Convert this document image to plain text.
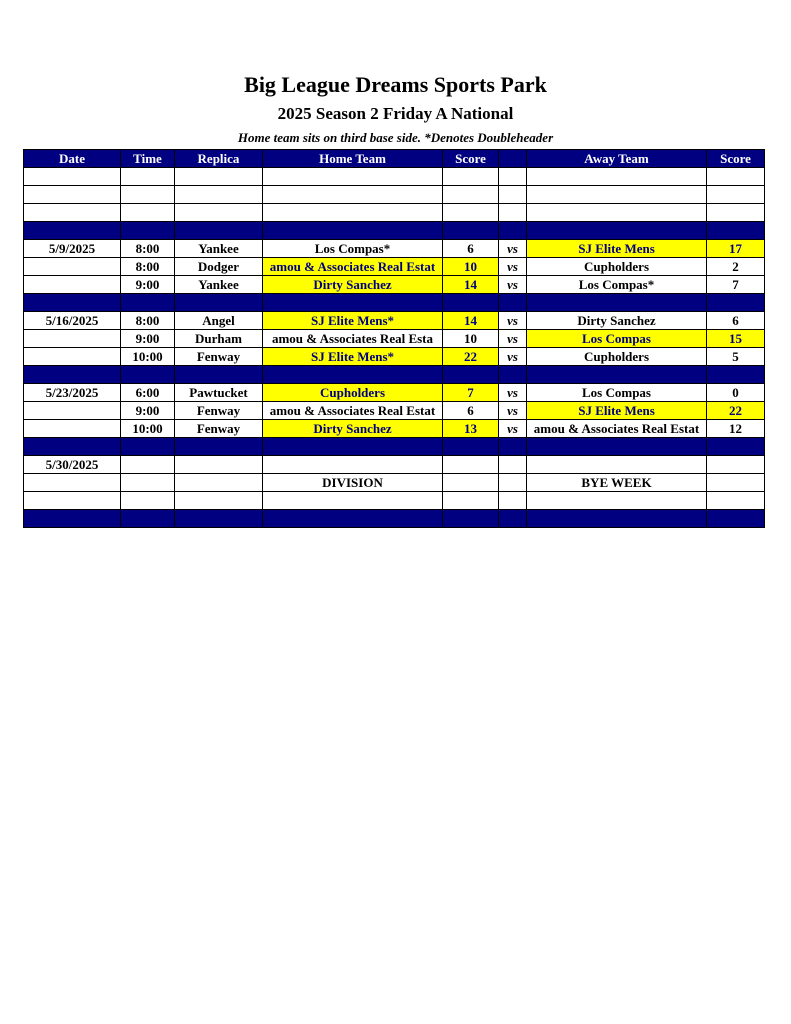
Big League Dreams Sports Park
2025 Season 2 Friday A National
Home team sits on third base side. *Denotes Doubleheader
Date	Time	Replica	Home Team	Score		Away Team	Score

5/9/2025	8:00	Yankee	Los Compas*	6	vs	SJ Elite Mens	17
	8:00	Dodger	amou & Associates Real Estat	10	vs	Cupholders	2
	9:00	Yankee	Dirty Sanchez	14	vs	Los Compas*	7

5/16/2025	8:00	Angel	SJ Elite Mens*	14	vs	Dirty Sanchez	6
	9:00	Durham	amou & Associates Real Esta	10	vs	Los Compas	15
	10:00	Fenway	SJ Elite Mens*	22	vs	Cupholders	5

5/23/2025	6:00	Pawtucket	Cupholders	7	vs	Los Compas	0
	9:00	Fenway	amou & Associates Real Estat	6	vs	SJ Elite Mens	22
	10:00	Fenway	Dirty Sanchez	13	vs	amou & Associates Real Estat	12

5/30/2025							
			DIVISION			BYE WEEK	
